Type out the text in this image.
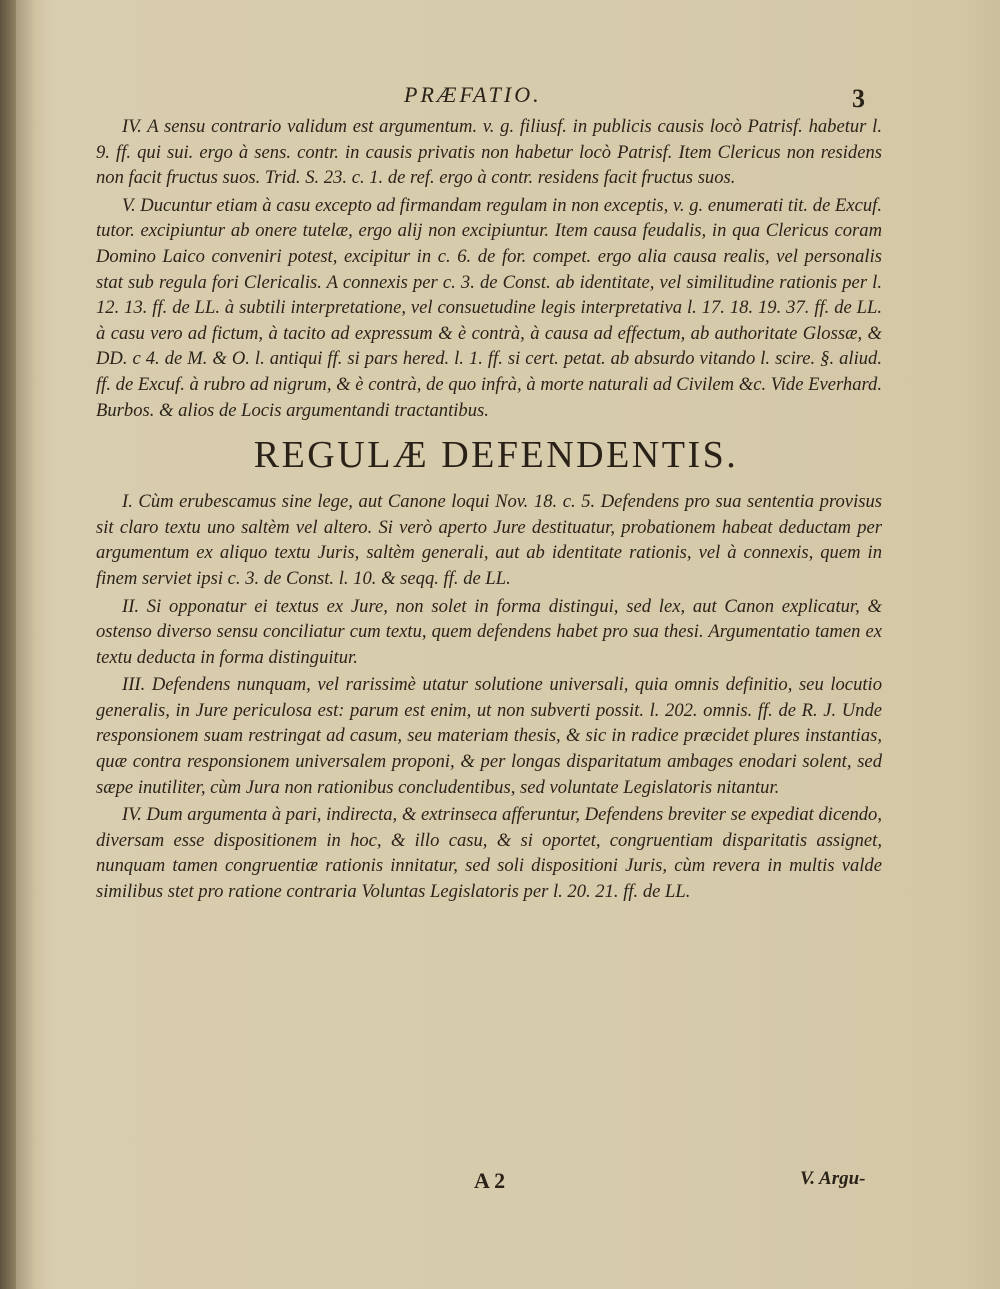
PRÆFATIO.	3

IV. A sensu contrario validum est argumentum. v. g. filiusf. in publicis causis locò Patrisf. habetur l. 9. ff. qui sui. ergo à sens. contr. in causis privatis non habetur locò Patrisf. Item Clericus non residens non facit fructus suos. Trid. S. 23. c. 1. de ref. ergo à contr. residens facit fructus suos.

V. Ducuntur etiam à casu excepto ad firmandam regulam in non exceptis, v. g. enumerati tit. de Excuf. tutor. excipiuntur ab onere tutelæ, ergo alij non excipiuntur. Item causa feudalis, in qua Clericus coram Domino Laico conveniri potest, excipitur in c. 6. de for. compet. ergo alia causa realis, vel personalis stat sub regula fori Clericalis. A connexis per c. 3. de Const. ab identitate, vel similitudine rationis per l. 12. 13. ff. de LL. à subtili interpretatione, vel consuetudine legis interpretativa l. 17. 18. 19. 37. ff. de LL. à casu vero ad fictum, à tacito ad expressum & è contrà, à causa ad effectum, ab authoritate Glossæ, & DD. c 4. de M. & O. l. antiqui ff. si pars hered. l. 1. ff. si cert. petat. ab absurdo vitando l. scire. §. aliud. ff. de Excuf. à rubro ad nigrum, & è contrà, de quo infrà, à morte naturali ad Civilem &c. Vide Everhard. Burbos. & alios de Locis argumentandi tractantibus.

REGULÆ DEFENDENTIS.

I. Cùm erubescamus sine lege, aut Canone loqui Nov. 18. c. 5. Defendens pro sua sententia provisus sit claro textu uno saltèm vel altero. Si verò aperto Jure destituatur, probationem habeat deductam per argumentum ex aliquo textu Juris, saltèm generali, aut ab identitate rationis, vel à connexis, quem in finem serviet ipsi c. 3. de Const. l. 10. & seqq. ff. de LL.

II. Si opponatur ei textus ex Jure, non solet in forma distingui, sed lex, aut Canon explicatur, & ostenso diverso sensu conciliatur cum textu, quem defendens habet pro sua thesi. Argumentatio tamen ex textu deducta in forma distinguitur.

III. Defendens nunquam, vel rarissimè utatur solutione universali, quia omnis definitio, seu locutio generalis, in Jure periculosa est: parum est enim, ut non subverti possit. l. 202. omnis. ff. de R. J. Unde responsionem suam restringat ad casum, seu materiam thesis, & sic in radice præcidet plures instantias, quæ contra responsionem universalem proponi, & per longas disparitatum ambages enodari solent, sed sæpe inutiliter, cùm Jura non rationibus concludentibus, sed voluntate Legislatoris nitantur.

IV. Dum argumenta à pari, indirecta, & extrinseca afferuntur, Defendens breviter se expediat dicendo, diversam esse dispositionem in hoc, & illo casu, & si oportet, congruentiam disparitatis assignet, nunquam tamen congruentiæ rationis innitatur, sed soli dispositioni Juris, cùm revera in multis valde similibus stet pro ratione contraria Voluntas Legislatoris per l. 20. 21. ff. de LL.

A 2	V. Argu-
